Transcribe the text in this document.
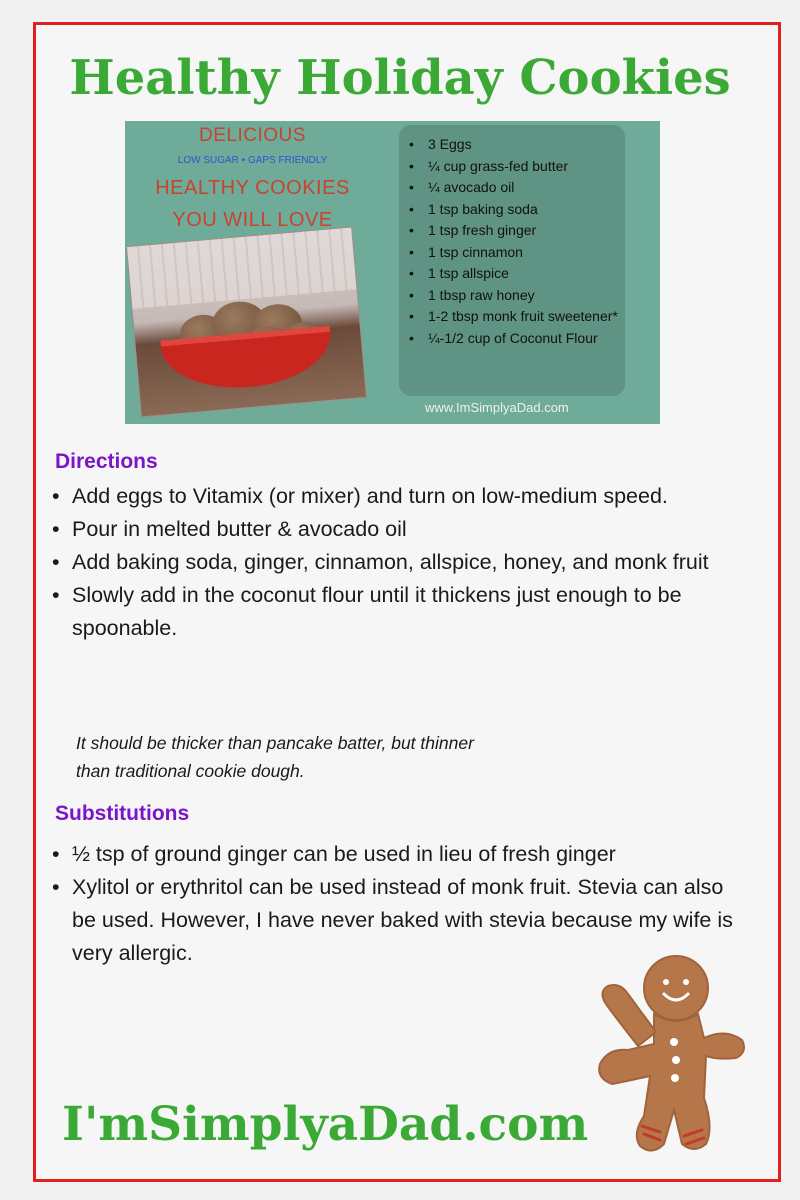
Healthy Holiday Cookies

DELICIOUS

LOW SUGAR • GAPS FRIENDLY

HEALTHY COOKIES

YOU WILL LOVE

• 3 Eggs
• ¼ cup grass-fed butter
• ¼ avocado oil
• 1 tsp baking soda
• 1 tsp fresh ginger
• 1 tsp cinnamon
• 1 tsp allspice
• 1 tbsp raw honey
• 1-2 tbsp monk fruit sweetener*
• ¼-1/2 cup of Coconut Flour

www.ImSimplyaDad.com

Directions
• Add eggs to Vitamix (or mixer) and turn on low-medium speed.
• Pour in melted butter & avocado oil
• Add baking soda, ginger, cinnamon, allspice, honey, and monk fruit
• Slowly add in the coconut flour until it thickens just enough to be spoonable.

It should be thicker than pancake batter, but thinner
than traditional cookie dough.

Substitutions
• ½ tsp of ground ginger can be used in lieu of fresh ginger
• Xylitol or erythritol can be used instead of monk fruit. Stevia can also be used. However, I have never baked with stevia because my wife is very allergic.

I'mSimplyaDad.com
